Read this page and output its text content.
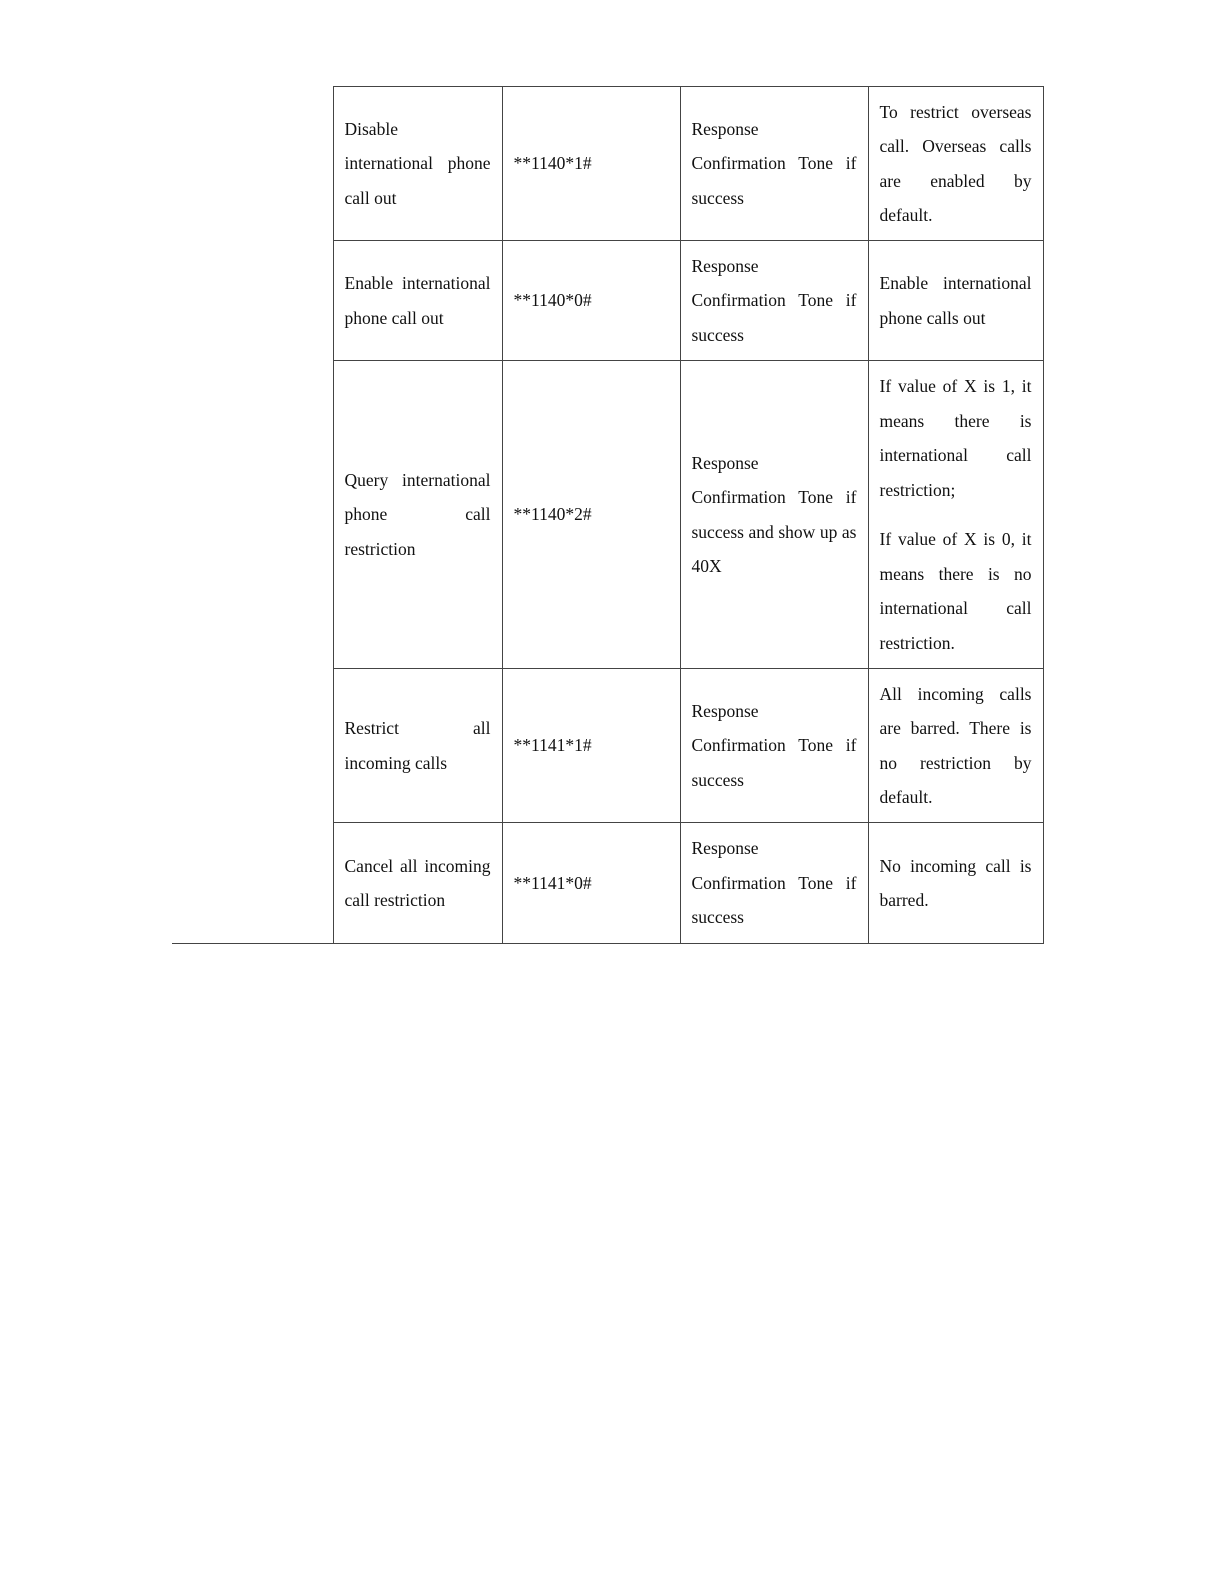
	Disable international phone call out	**1140*1#	Response Confirmation Tone if success	To restrict overseas call. Overseas calls are enabled by default.

	Enable international phone call out	**1140*0#	Response Confirmation Tone if success	Enable international phone calls out

	Query international phone call restriction	**1140*2#	Response Confirmation Tone if success and show up as 40X	If value of X is 1, it means there is international call restriction;

If value of X is 0, it means there is no international call restriction.

	Restrict all incoming calls	**1141*1#	Response Confirmation Tone if success	All incoming calls are barred. There is no restriction by default.

	Cancel all incoming call restriction	**1141*0#	Response Confirmation Tone if success	No incoming call is barred.
